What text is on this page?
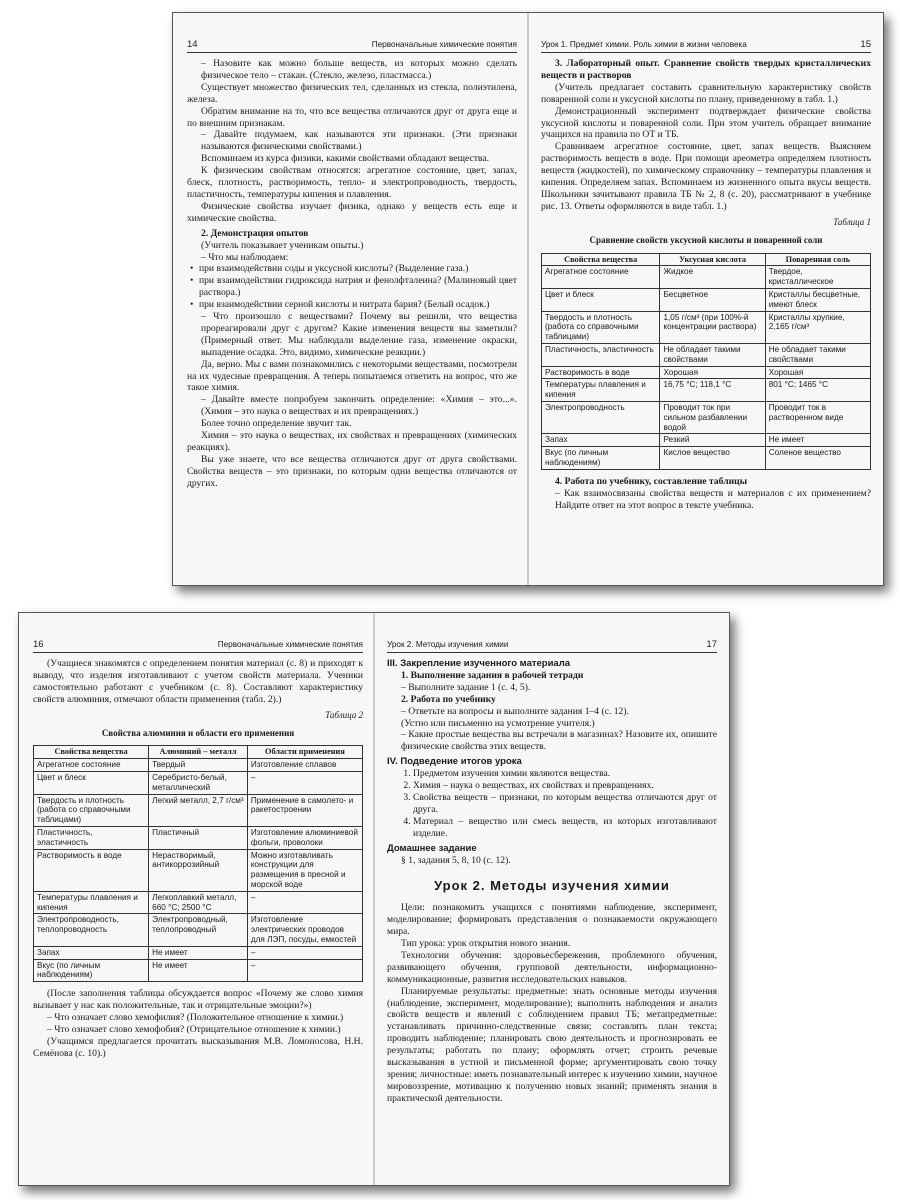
14	Первоначальные химические понятия

– Назовите как можно больше веществ, из которых можно сделать физическое тело – стакан. (Стекло, железо, пластмасса.)

Существует множество физических тел, сделанных из стекла, полиэтилена, железа.

Обратим внимание на то, что все вещества отличаются друг от друга еще и по внешним признакам.

– Давайте подумаем, как называются эти признаки. (Эти признаки называются физическими свойствами.)

Вспоминаем из курса физики, какими свойствами обладают вещества.

К физическим свойствам относятся: агрегатное состояние, цвет, запах, блеск, плотность, растворимость, тепло- и электропроводность, твердость, пластичность, температуры кипения и плавления.

Физические свойства изучает физика, однако у веществ есть еще и химические свойства.

2. Демонстрация опытов

(Учитель показывает ученикам опыты.)

– Что мы наблюдаем:

• при взаимодействии соды и уксусной кислоты? (Выделение газа.)

• при взаимодействии гидроксида натрия и фенолфталеина? (Малиновый цвет раствора.)

• при взаимодействии серной кислоты и нитрата бария? (Белый осадок.)

– Что произошло с веществами? Почему вы решили, что вещества прореагировали друг с другом? Какие изменения веществ вы заметили? (Примерный ответ. Мы наблюдали выделение газа, изменение окраски, выпадение осадка. Это, видимо, химические реакции.)

Да, верно. Мы с вами познакомились с некоторыми веществами, посмотрели на их чудесные превращения. А теперь попытаемся ответить на вопрос, что же такое химия.

– Давайте вместе попробуем закончить определение: «Химия – это...». (Химия – это наука о веществах и их превращениях.)

Более точно определение звучит так.

Химия – это наука о веществах, их свойствах и превращениях (химических реакциях).

Вы уже знаете, что все вещества отличаются друг от друга свойствами. Свойства веществ – это признаки, по которым одни вещества отличаются от других.

Урок 1. Предмет химии. Роль химии в жизни человека	15

3. Лабораторный опыт. Сравнение свойств твердых кристаллических веществ и растворов

(Учитель предлагает составить сравнительную характеристику свойств поваренной соли и уксусной кислоты по плану, приведенному в табл. 1.)

Демонстрационный эксперимент подтверждает физические свойства уксусной кислоты и поваренной соли. При этом учитель обращает внимание учащихся на правила по ОТ и ТБ.

Сравниваем агрегатное состояние, цвет, запах веществ. Выясняем растворимость веществ в воде. При помощи ареометра определяем плотность веществ (жидкостей), по химическому справочнику – температуры плавления и кипения. Определяем запах. Вспоминаем из жизненного опыта вкусы веществ. Школьники зачитывают правила ТБ № 2, 8 (с. 20), рассматривают в учебнике рис. 13. Ответы оформляются в виде табл. 1.)

Таблица 1

Сравнение свойств уксусной кислоты и поваренной соли

Свойства вещества	Уксусная кислота	Поваренная соль
Агрегатное состояние	Жидкое	Твердое, кристаллическое
Цвет и блеск	Бесцветное	Кристаллы бесцветные, имеют блеск
Твердость и плотность (работа со справочными таблицами)	1,05 г/см³ (при 100%-й концентрации раствора)	Кристаллы хрупкие, 2,165 г/см³
Пластичность, эластичность	Не обладает такими свойствами	Не обладает такими свойствами
Растворимость в воде	Хорошая	Хорошая
Температуры плавления и кипения	16,75 °С; 118,1 °С	801 °С; 1465 °С
Электропроводность	Проводит ток при сильном разбавлении водой	Проводит ток в растворенном виде
Запах	Резкий	Не имеет
Вкус (по личным наблюдениям)	Кислое вещество	Соленое вещество

4. Работа по учебнику, составление таблицы

– Как взаимосвязаны свойства веществ и материалов с их применением? Найдите ответ на этот вопрос в тексте учебника.

16	Первоначальные химические понятия

(Учащиеся знакомятся с определением понятия материал (с. 8) и приходят к выводу, что изделия изготавливают с учетом свойств материала. Ученики самостоятельно работают с учебником (с. 8). Составляют характеристику свойств алюминия, отмечают области применения (табл. 2).)

Таблица 2

Свойства алюминия и области его применения

Свойства вещества	Алюминий – металл	Области применения
Агрегатное состояние	Твердый	Изготовление сплавов
Цвет и блеск	Серебристо-белый, металлический	–
Твердость и плотность (работа со справочными таблицами)	Легкий металл, 2,7 г/см³	Применение в самолето- и ракетостроении
Пластичность, эластичность	Пластичный	Изготовление алюминиевой фольги, проволоки
Растворимость в воде	Нерастворимый, антикоррозийный	Можно изготавливать конструкции для размещения в пресной и морской воде
Температуры плавления и кипения	Легкоплавкий металл, 660 °С; 2500 °С	–
Электропроводность, теплопроводность	Электропроводный, теплопроводный	Изготовление электрических проводов для ЛЭП, посуды, емкостей
Запах	Не имеет	–
Вкус (по личным наблюдениям)	Не имеет	–

(После заполнения таблицы обсуждается вопрос «Почему же слово химия вызывает у нас как положительные, так и отрицательные эмоции?»)

– Что означает слово хемофилия? (Положительное отношение к химии.)

– Что означает слово хемофобия? (Отрицательное отношение к химии.)

(Учащимся предлагается прочитать высказывания М.В. Ломоносова, Н.Н. Семёнова (с. 10).)

Урок 2. Методы изучения химии	17

III. Закрепление изученного материала

1. Выполнение задания в рабочей тетради

– Выполните задание 1 (с. 4, 5).

2. Работа по учебнику

– Ответьте на вопросы и выполните задания 1–4 (с. 12).

(Устно или письменно на усмотрение учителя.)

– Какие простые вещества вы встречали в магазинах? Назовите их, опишите физические свойства этих веществ.

IV. Подведение итогов урока

1. Предметом изучения химии являются вещества.
2. Химия – наука о веществах, их свойствах и превращениях.
3. Свойства веществ – признаки, по которым вещества отличаются друг от друга.
4. Материал – вещество или смесь веществ, из которых изготавливают изделие.

Домашнее задание

§ 1, задания 5, 8, 10 (с. 12).

Урок 2. Методы изучения химии

Цели: познакомить учащихся с понятиями наблюдение, эксперимент, моделирование; формировать представления о познаваемости окружающего мира.

Тип урока: урок открытия нового знания.

Технологии обучения: здоровьесбережения, проблемного обучения, развивающего обучения, групповой деятельности, информационно-коммуникационные, развития исследовательских навыков.

Планируемые результаты: предметные: знать основные методы изучения (наблюдение, эксперимент, моделирование); выполнять наблюдения и анализ свойств веществ и явлений с соблюдением правил ТБ; метапредметные: устанавливать причинно-следственные связи; составлять план текста; проводить наблюдение; планировать свою деятельность и прогнозировать ее результаты; работать по плану; оформлять отчет; строить речевые высказывания в устной и письменной форме; аргументировать свою точку зрения; личностные: иметь познавательный интерес к изучению химии, научное мировоззрение, мотивацию к получению новых знаний; применять знания в практической деятельности.
